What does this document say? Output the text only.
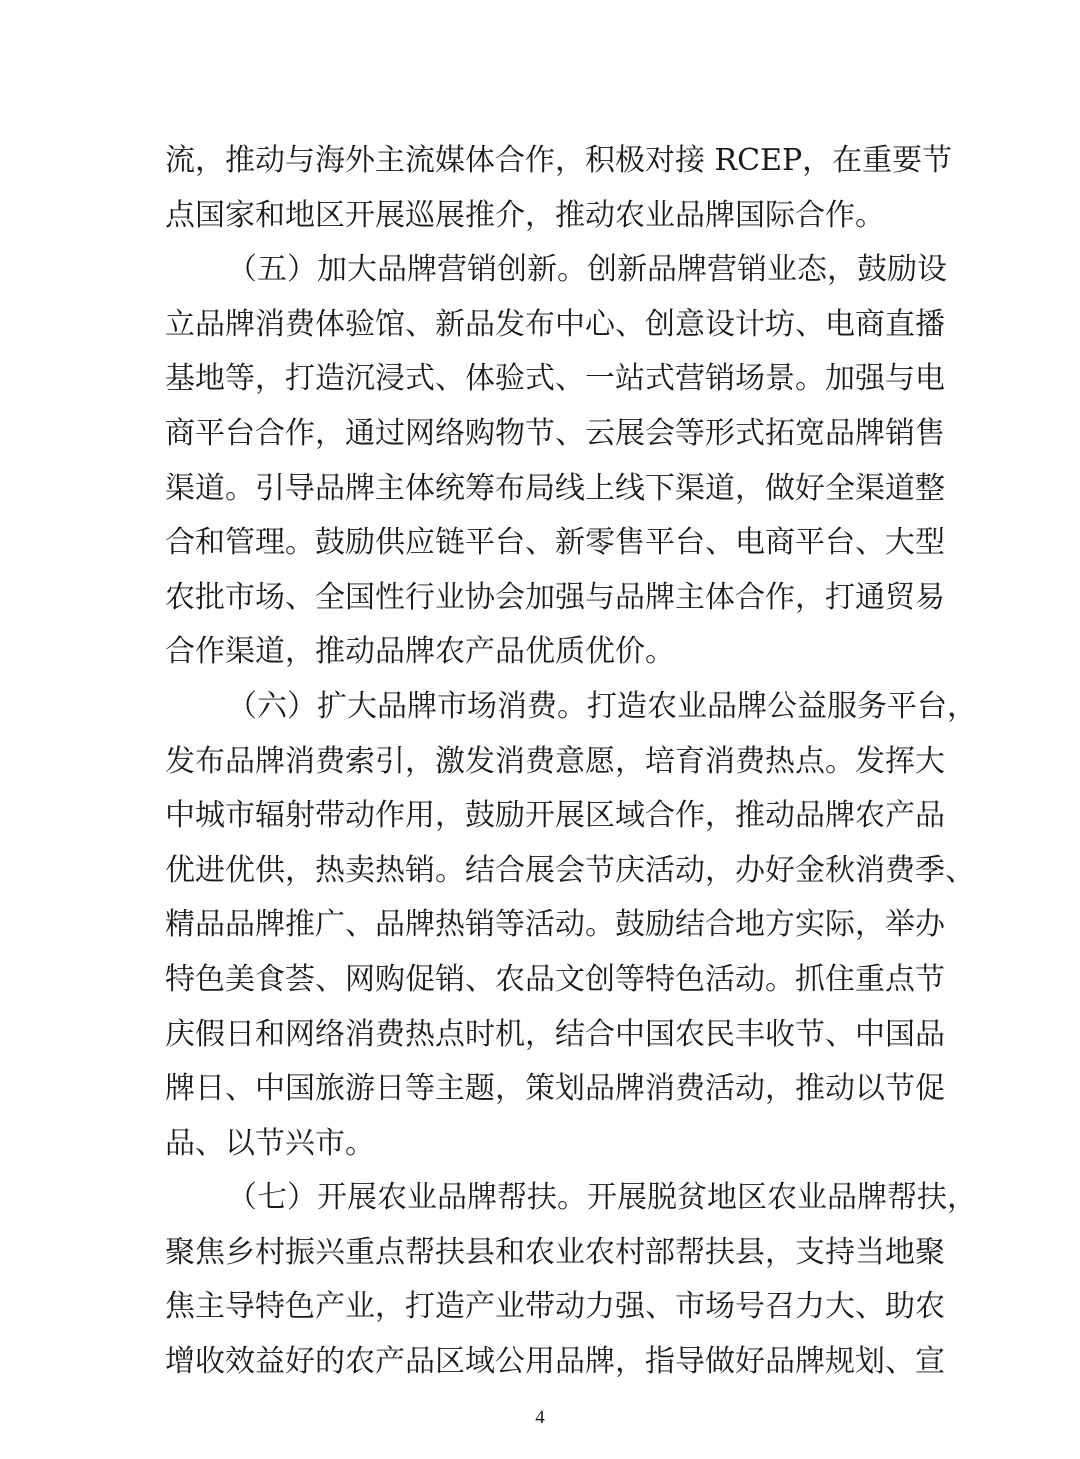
流，推动与海外主流媒体合作，积极对接 RCEP，在重要节
点国家和地区开展巡展推介，推动农业品牌国际合作。
（五）加大品牌营销创新。创新品牌营销业态，鼓励设
立品牌消费体验馆、新品发布中心、创意设计坊、电商直播
基地等，打造沉浸式、体验式、一站式营销场景。加强与电
商平台合作，通过网络购物节、云展会等形式拓宽品牌销售
渠道。引导品牌主体统筹布局线上线下渠道，做好全渠道整
合和管理。鼓励供应链平台、新零售平台、电商平台、大型
农批市场、全国性行业协会加强与品牌主体合作，打通贸易
合作渠道，推动品牌农产品优质优价。
（六）扩大品牌市场消费。打造农业品牌公益服务平台，
发布品牌消费索引，激发消费意愿，培育消费热点。发挥大
中城市辐射带动作用，鼓励开展区域合作，推动品牌农产品
优进优供，热卖热销。结合展会节庆活动，办好金秋消费季、
精品品牌推广、品牌热销等活动。鼓励结合地方实际，举办
特色美食荟、网购促销、农品文创等特色活动。抓住重点节
庆假日和网络消费热点时机，结合中国农民丰收节、中国品
牌日、中国旅游日等主题，策划品牌消费活动，推动以节促
品、以节兴市。
（七）开展农业品牌帮扶。开展脱贫地区农业品牌帮扶，
聚焦乡村振兴重点帮扶县和农业农村部帮扶县，支持当地聚
焦主导特色产业，打造产业带动力强、市场号召力大、助农
增收效益好的农产品区域公用品牌，指导做好品牌规划、宣
4
